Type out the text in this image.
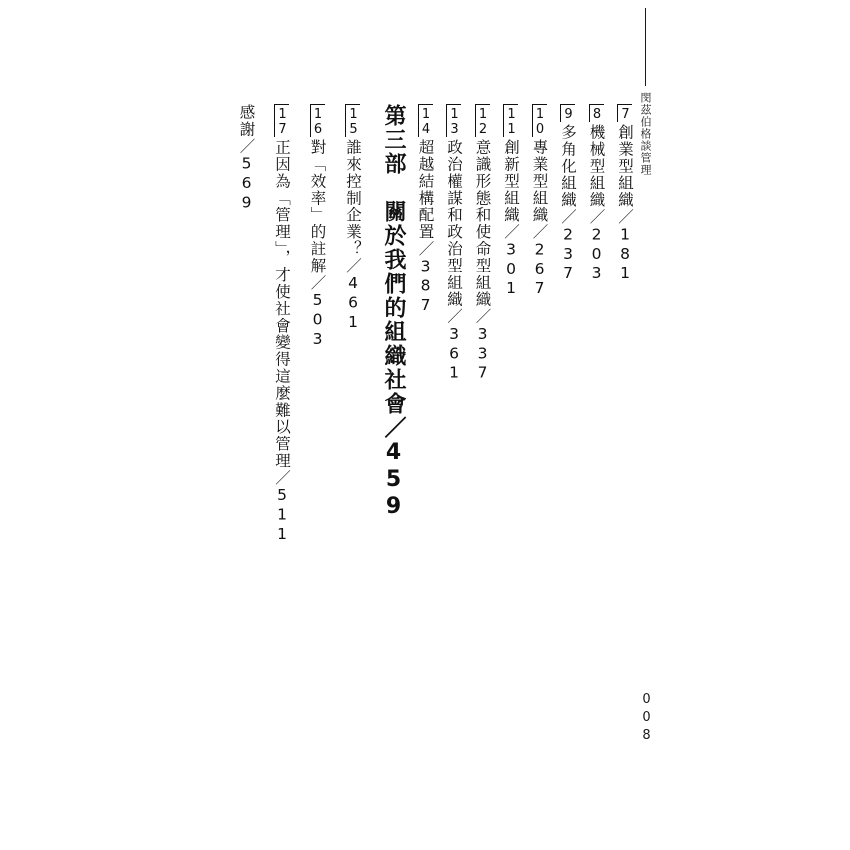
閔茲伯格談管理
感謝／569 17
正因為「管理」，才使社會變得這麼難以管理／511
16
對「效率」的註解／503
15
誰來控制企業？／461 第三部　關於我們的組織社會／459 14
超越結構配置／387
13
政治權謀和政治型組織／361
12
意識形態和使命型組織／337
11
創新型組織／301
10
專業型組織／267
9
多角化組織／237
8
機械型組織／203
7
創業型組織／181
008
